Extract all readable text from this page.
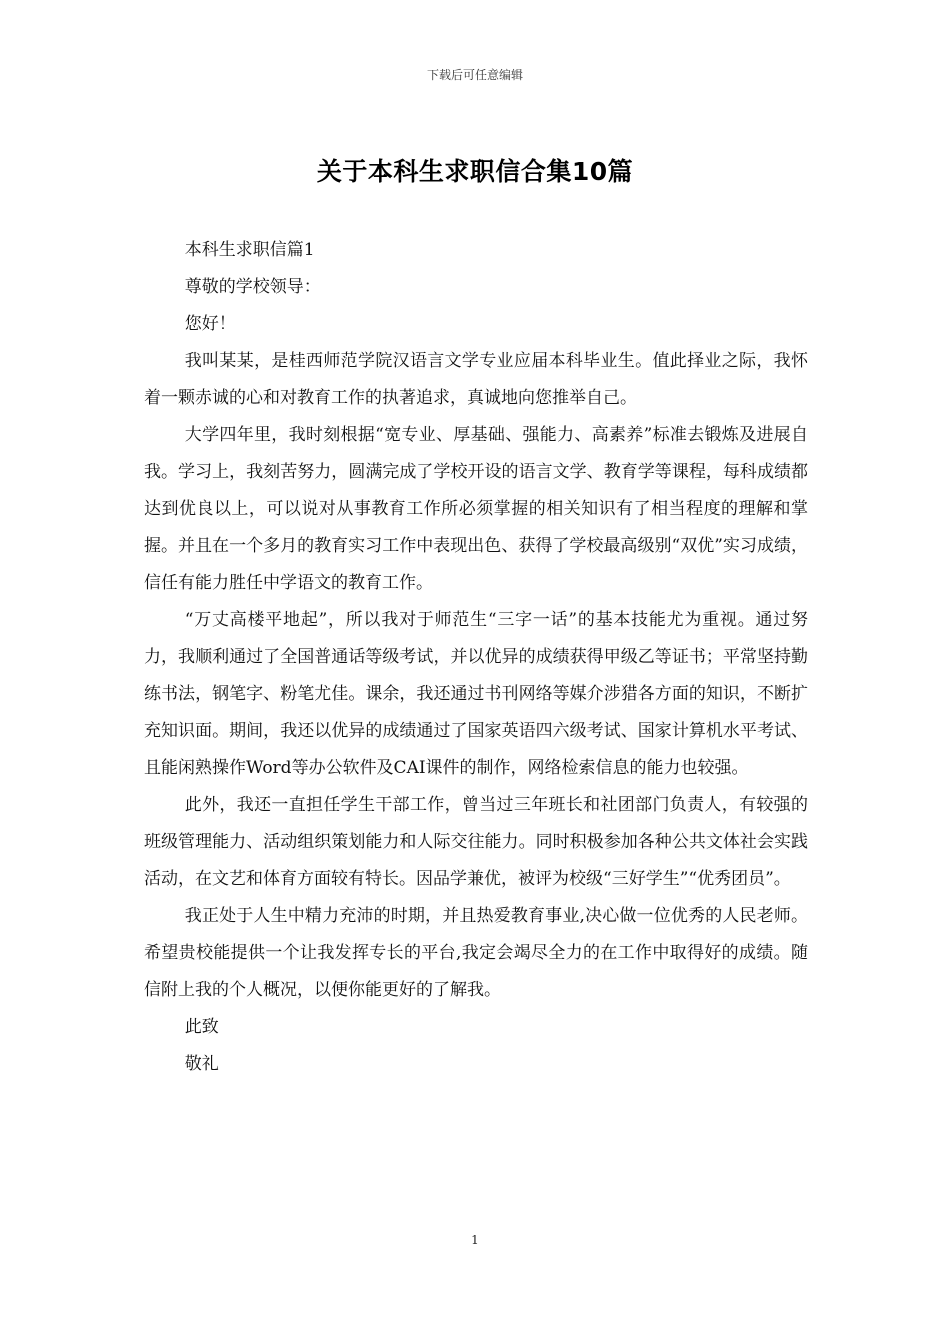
下载后可任意编辑
关于本科生求职信合集10篇

本科生求职信篇1

尊敬的学校领导：

您好！

我叫某某，是桂西师范学院汉语言文学专业应届本科毕业生。值此择业之际，我怀着一颗赤诚的心和对教育工作的执著追求，真诚地向您推举自己。

大学四年里，我时刻根据“宽专业、厚基础、强能力、高素养”标准去锻炼及进展自我。学习上，我刻苦努力，圆满完成了学校开设的语言文学、教育学等课程，每科成绩都达到优良以上，可以说对从事教育工作所必须掌握的相关知识有了相当程度的理解和掌握。并且在一个多月的教育实习工作中表现出色、获得了学校最高级别“双优”实习成绩，信任有能力胜任中学语文的教育工作。

“万丈高楼平地起”，所以我对于师范生“三字一话”的基本技能尤为重视。通过努力，我顺利通过了全国普通话等级考试，并以优异的成绩获得甲级乙等证书；平常坚持勤练书法，钢笔字、粉笔尤佳。课余，我还通过书刊网络等媒介涉猎各方面的知识，不断扩充知识面。期间，我还以优异的成绩通过了国家英语四六级考试、国家计算机水平考试、且能闲熟操作Word等办公软件及CAI课件的制作，网络检索信息的能力也较强。

此外，我还一直担任学生干部工作，曾当过三年班长和社团部门负责人，有较强的班级管理能力、活动组织策划能力和人际交往能力。同时积极参加各种公共文体社会实践活动，在文艺和体育方面较有特长。因品学兼优，被评为校级“三好学生”“优秀团员”。

我正处于人生中精力充沛的时期，并且热爱教育事业,决心做一位优秀的人民老师。希望贵校能提供一个让我发挥专长的平台,我定会竭尽全力的在工作中取得好的成绩。随信附上我的个人概况，以便你能更好的了解我。

此致

敬礼

1
